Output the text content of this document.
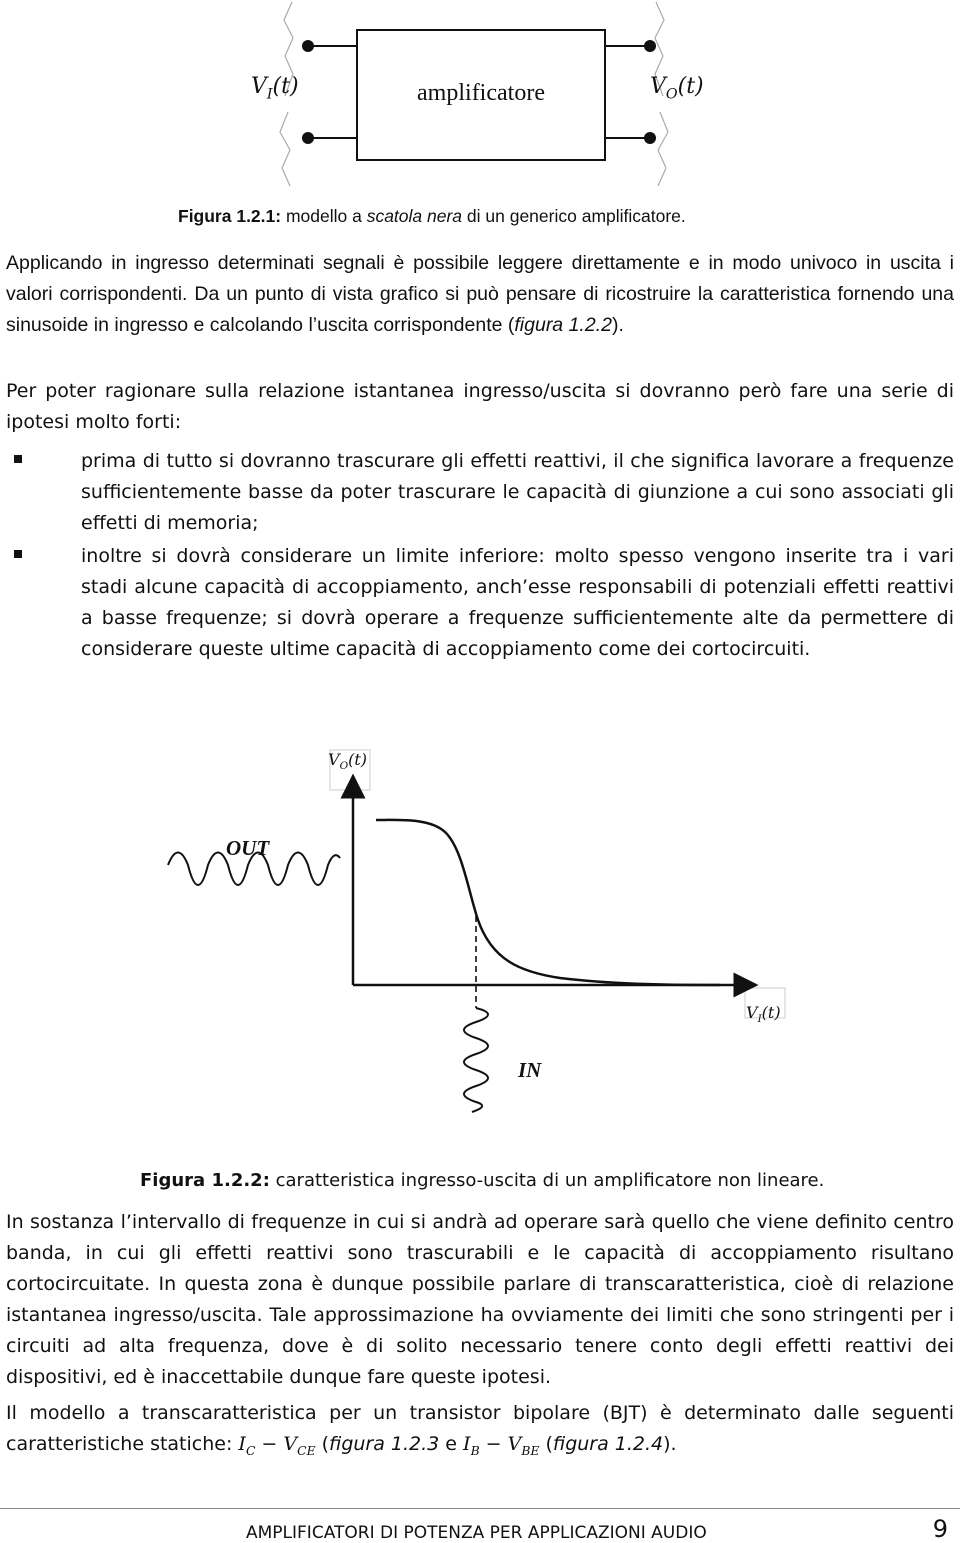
amplificatore
$V_I(t)$	$V_O(t)$
Figura 1.2.1: modello a scatola nera di un generico amplificatore.

Applicando in ingresso determinati segnali è possibile leggere direttamente e in modo univoco in uscita i valori corrispondenti. Da un punto di vista grafico si può pensare di ricostruire la caratteristica fornendo una sinusoide in ingresso e calcolando l’uscita corrispondente (figura 1.2.2).

Per poter ragionare sulla relazione istantanea ingresso/uscita si dovranno però fare una serie di ipotesi molto forti:

prima di tutto si dovranno trascurare gli effetti reattivi, il che significa lavorare a frequenze sufficientemente basse da poter trascurare le capacità di giunzione a cui sono associati gli effetti di memoria;

inoltre si dovrà considerare un limite inferiore: molto spesso vengono inserite tra i vari stadi alcune capacità di accoppiamento, anch’esse responsabili di potenziali effetti reattivi a basse frequenze; si dovrà operare a frequenze sufficientemente alte da permettere di considerare queste ultime capacità di accoppiamento come dei cortocircuiti.

$V_O(t)$
$V_I(t)$
OUT
IN
Figura 1.2.2: caratteristica ingresso-uscita di un amplificatore non lineare.

In sostanza l’intervallo di frequenze in cui si andrà ad operare sarà quello che viene definito centro banda, in cui gli effetti reattivi sono trascurabili e le capacità di accoppiamento risultano cortocircuitate. In questa zona è dunque possibile parlare di transcaratteristica, cioè di relazione istantanea ingresso/uscita. Tale approssimazione ha ovviamente dei limiti che sono stringenti per i circuiti ad alta frequenza, dove è di solito necessario tenere conto degli effetti reattivi dei dispositivi, ed è inaccettabile dunque fare queste ipotesi.

Il modello a transcaratteristica per un transistor bipolare (BJT) è determinato dalle seguenti caratteristiche statiche: $I_C - V_{CE}$ (figura 1.2.3 e $I_B - V_{BE}$ (figura 1.2.4).

AMPLIFICATORI DI POTENZA PER APPLICAZIONI AUDIO	9
